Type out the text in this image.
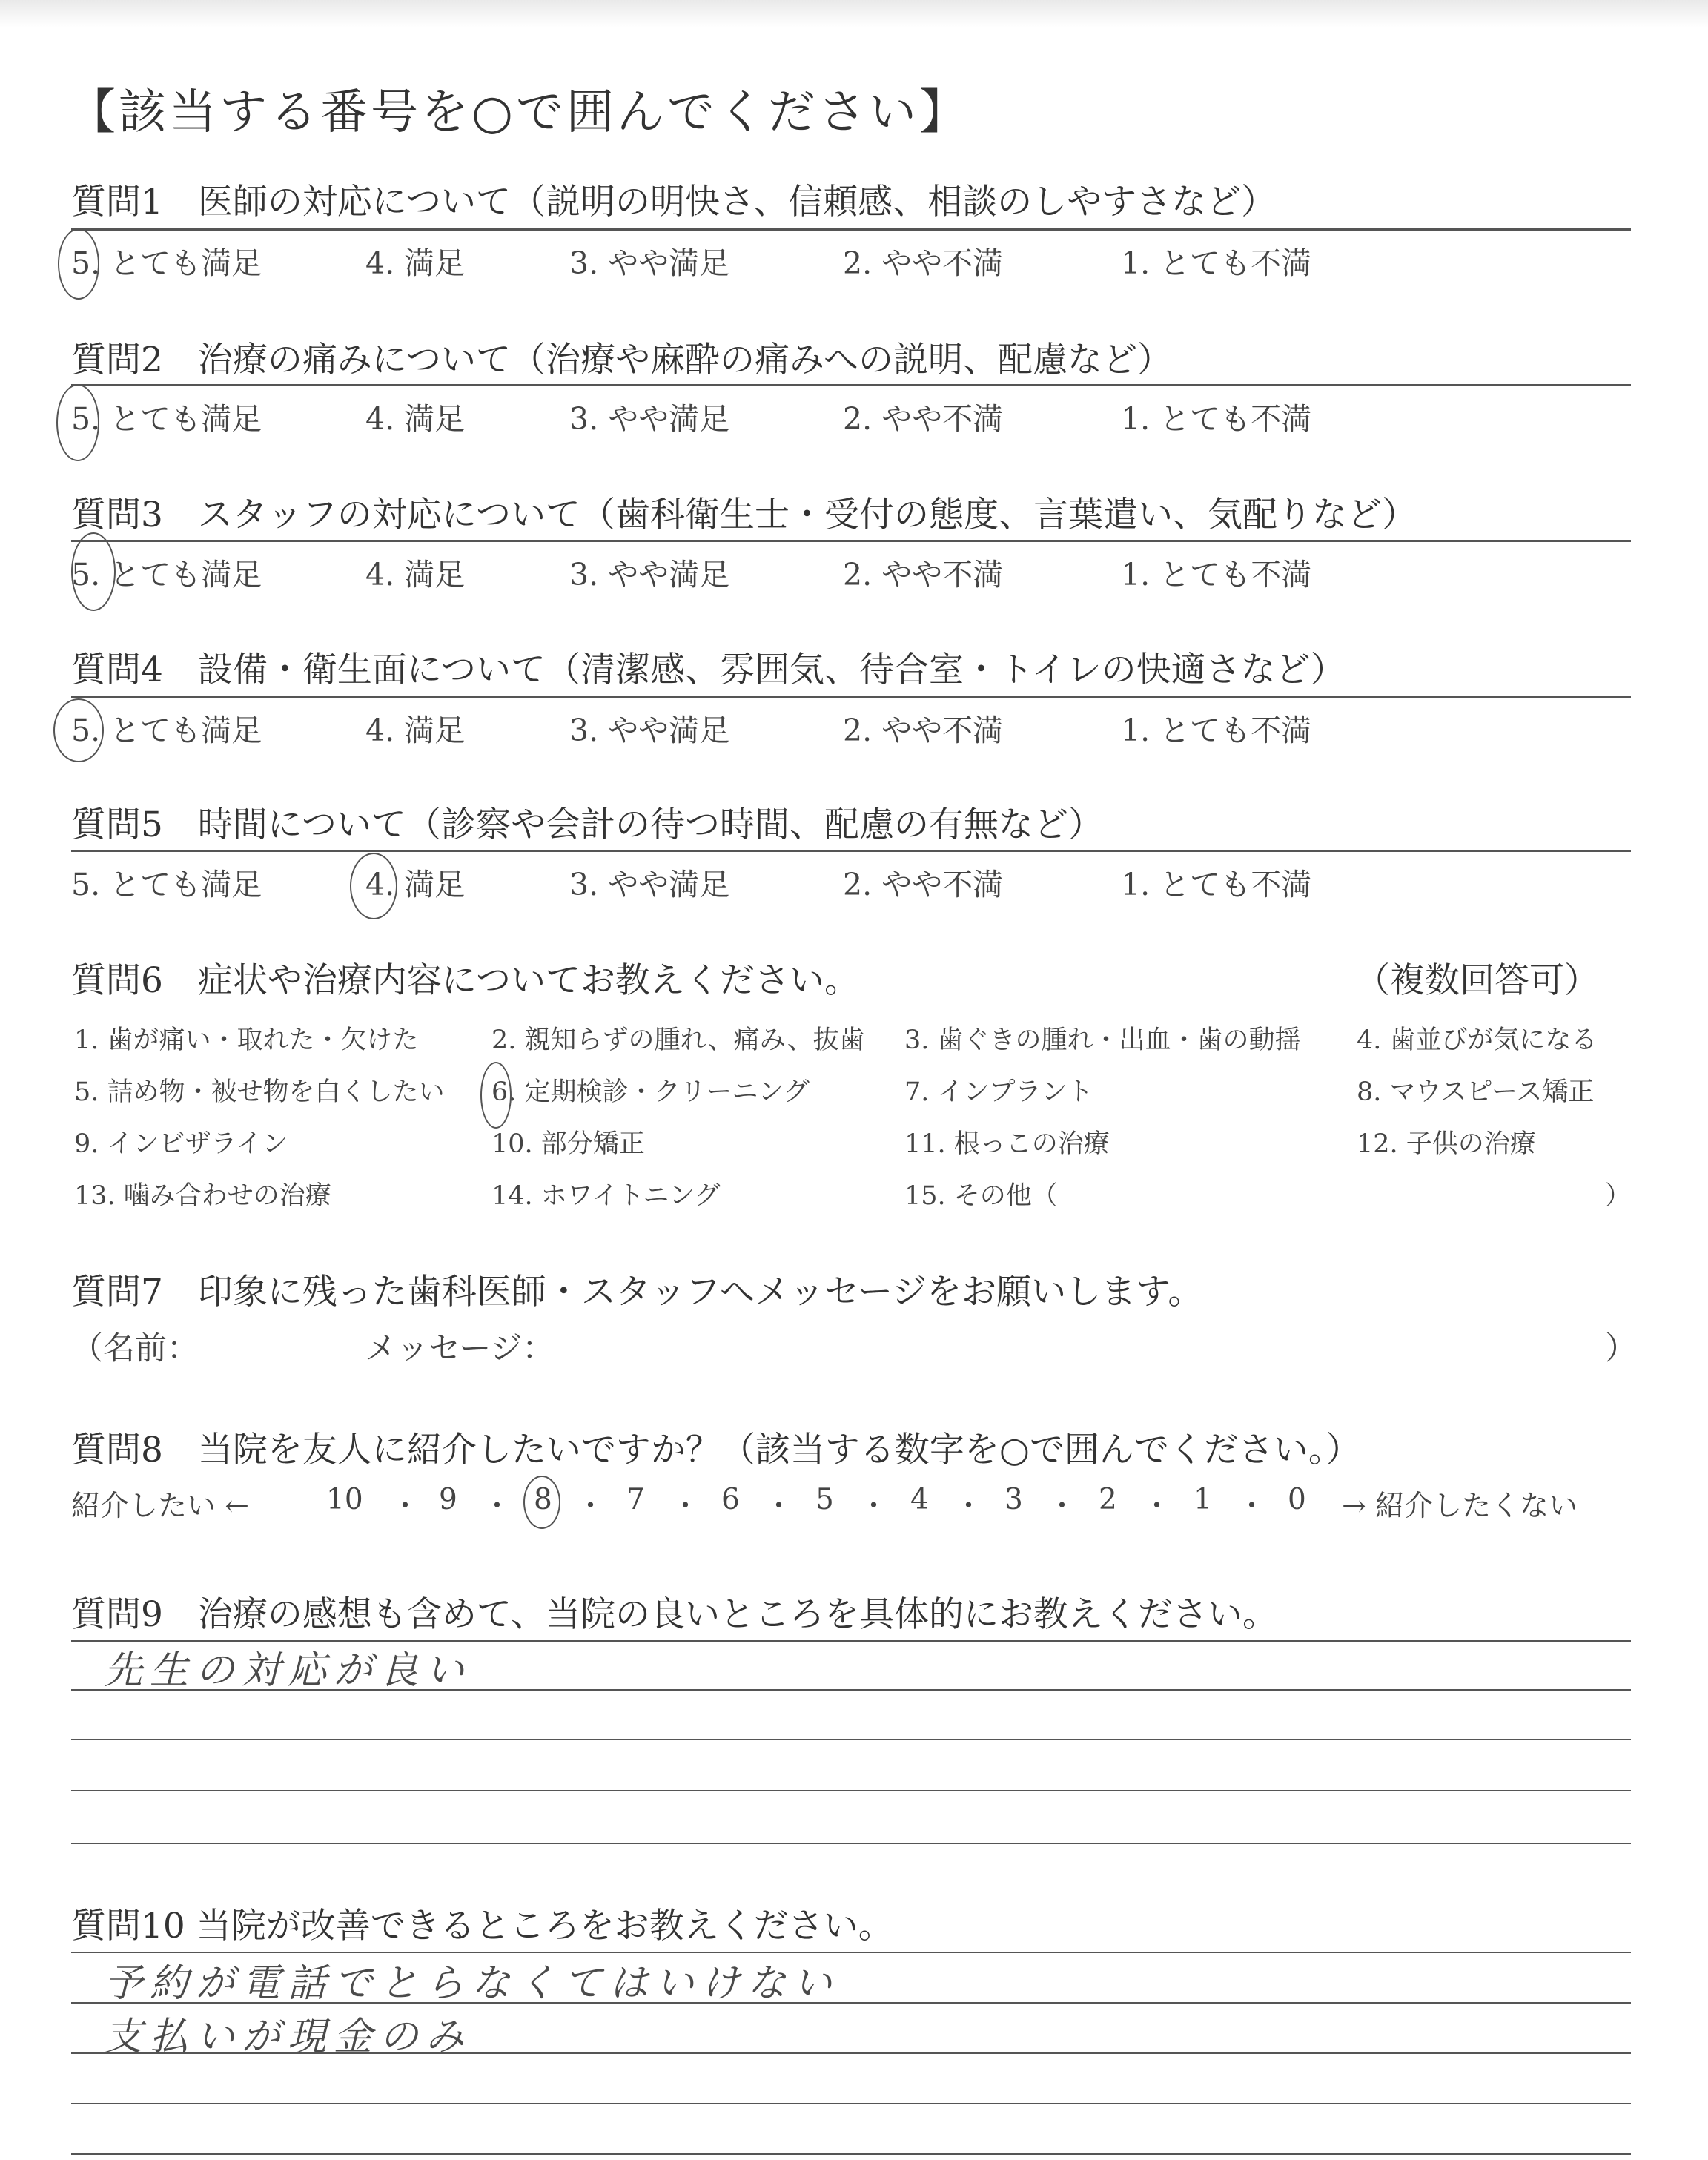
【該当する番号を○で囲んでください】
質問1　医師の対応について（説明の明快さ、信頼感、相談のしやすさなど）
5. とても満足	4. 満足	3. やや満足	2. やや不満	1. とても不満
質問2　治療の痛みについて（治療や麻酔の痛みへの説明、配慮など）
5. とても満足	4. 満足	3. やや満足	2. やや不満	1. とても不満
質問3　スタッフの対応について（歯科衛生士・受付の態度、言葉遣い、気配りなど）
5. とても満足	4. 満足	3. やや満足	2. やや不満	1. とても不満
質問4　設備・衛生面について（清潔感、雰囲気、待合室・トイレの快適さなど）
5. とても満足	4. 満足	3. やや満足	2. やや不満	1. とても不満
質問5　時間について（診察や会計の待つ時間、配慮の有無など）
5. とても満足	4. 満足	3. やや満足	2. やや不満	1. とても不満
質問6　症状や治療内容についてお教えください。	（複数回答可）
1. 歯が痛い・取れた・欠けた	2. 親知らずの腫れ、痛み、抜歯 3. 歯ぐきの腫れ・出血・歯の動揺 4. 歯並びが気になる
5. 詰め物・被せ物を白くしたい 6. 定期検診・クリーニング	7. インプラント	8. マウスピース矯正
9. インビザライン	10. 部分矯正	11. 根っこの治療	12. 子供の治療
13. 噛み合わせの治療	14. ホワイトニング	15. その他（	）
質問7　印象に残った歯科医師・スタッフへメッセージをお願いします。
（名前：	メッセージ：	）
質問8　当院を友人に紹介したいですか？（該当する数字を○で囲んでください。）
紹介したい ←	10 ・ 9 ・ 8 ・ 7 ・ 6 ・ 5 ・ 4 ・ 3 ・ 2 ・ 1 ・ 0 → 紹介したくない
質問9　治療の感想も含めて、当院の良いところを具体的にお教えください。
先生の対応が良い
質問10 当院が改善できるところをお教えください。
予約が電話でとらなくてはいけない
支払いが現金のみ
